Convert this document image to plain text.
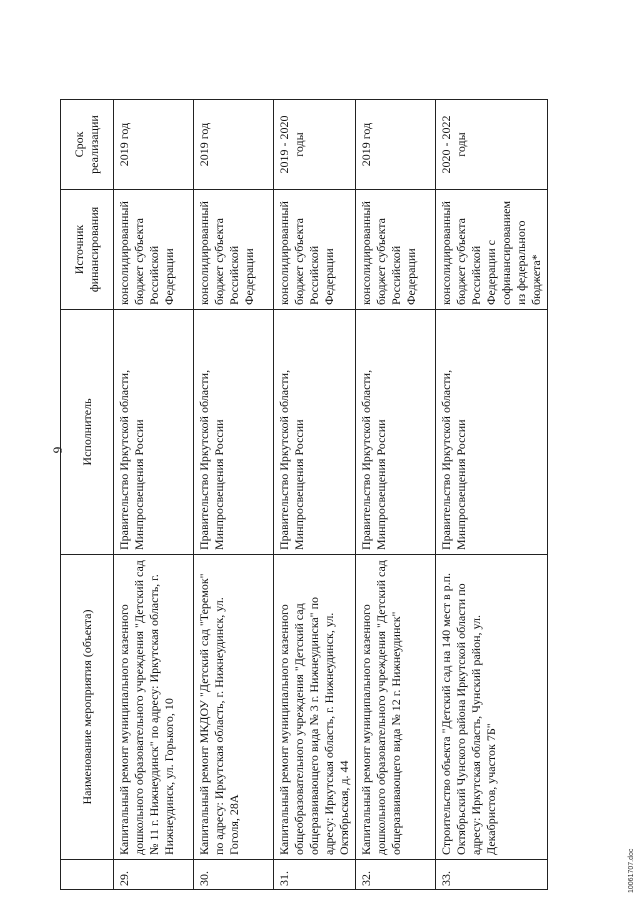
9
	Наименование мероприятия (объекта)	Исполнитель	Источник финансирования	Срок реализации
29.	Капитальный ремонт муниципального казенного дошкольного образовательного учреждения "Детский сад № 11 г. Нижнеудинск" по адресу: Иркутская область, г. Нижнеудинск, ул. Горького, 10	Правительство Иркутской области, Минпросвещения России	консолидированный бюджет субъекта Российской Федерации	2019 год
30.	Капитальный ремонт МКДОУ "Детский сад "Теремок" по адресу: Иркутская область, г. Нижнеудинск, ул. Гоголя, 28А	Правительство Иркутской области, Минпросвещения России	консолидированный бюджет субъекта Российской Федерации	2019 год
31.	Капитальный ремонт муниципального казенного общеобразовательного учреждения "Детский сад общеразвивающего вида № 3 г. Нижнеудинска" по адресу: Иркутская область, г. Нижнеудинск, ул. Октябрьская, д. 44	Правительство Иркутской области, Минпросвещения России	консолидированный бюджет субъекта Российской Федерации	2019 - 2020 годы
32.	Капитальный ремонт муниципального казенного дошкольного образовательного учреждения "Детский сад общеразвивающего вида № 12 г. Нижнеудинск"	Правительство Иркутской области, Минпросвещения России	консолидированный бюджет субъекта Российской Федерации	2019 год
33.	Строительство объекта "Детский сад на 140 мест в р.п. Октябрьский Чунского района Иркутской области по адресу: Иркутская область, Чунский район, ул. Декабристов, участок 7Б"	Правительство Иркутской области, Минпросвещения России	консолидированный бюджет субъекта Российской Федерации с софинансированием из федерального бюджета*	2020 - 2022 годы
10061707.doc
